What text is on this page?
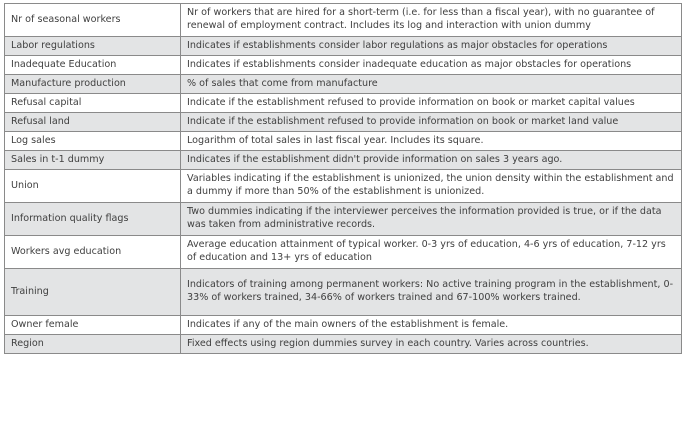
Nr of seasonal workers	Nr of workers that are hired for a short-term (i.e. for less than a fiscal year), with no guarantee of renewal of employment contract. Includes its log and interaction with union dummy
Labor regulations	Indicates if establishments consider labor regulations as major obstacles for operations
Inadequate Education	Indicates if establishments consider inadequate education as major obstacles for operations
Manufacture production	% of sales that come from manufacture
Refusal capital	Indicate if the establishment refused to provide information on book or market capital values
Refusal land	Indicate if the establishment refused to provide information on book or market land value
Log sales	Logarithm of total sales in last fiscal year. Includes its square.
Sales in t-1 dummy	Indicates if the establishment didn't provide information on sales 3 years ago.
Union	Variables indicating if the establishment is unionized, the union density within the establishment and a dummy if more than 50% of the establishment is unionized.
Information quality flags	Two dummies indicating if the interviewer perceives the information provided is true, or if the data was taken from administrative records.
Workers avg education	Average education attainment of typical worker. 0-3 yrs of education, 4-6 yrs of education, 7-12 yrs of education and 13+ yrs of education
Training	Indicators of training among permanent workers: No active training program in the establishment, 0-33% of workers trained, 34-66% of workers trained and 67-100% workers trained.
Owner female	Indicates if any of the main owners of the establishment is female.
Region	Fixed effects using region dummies survey in each country. Varies across countries.
